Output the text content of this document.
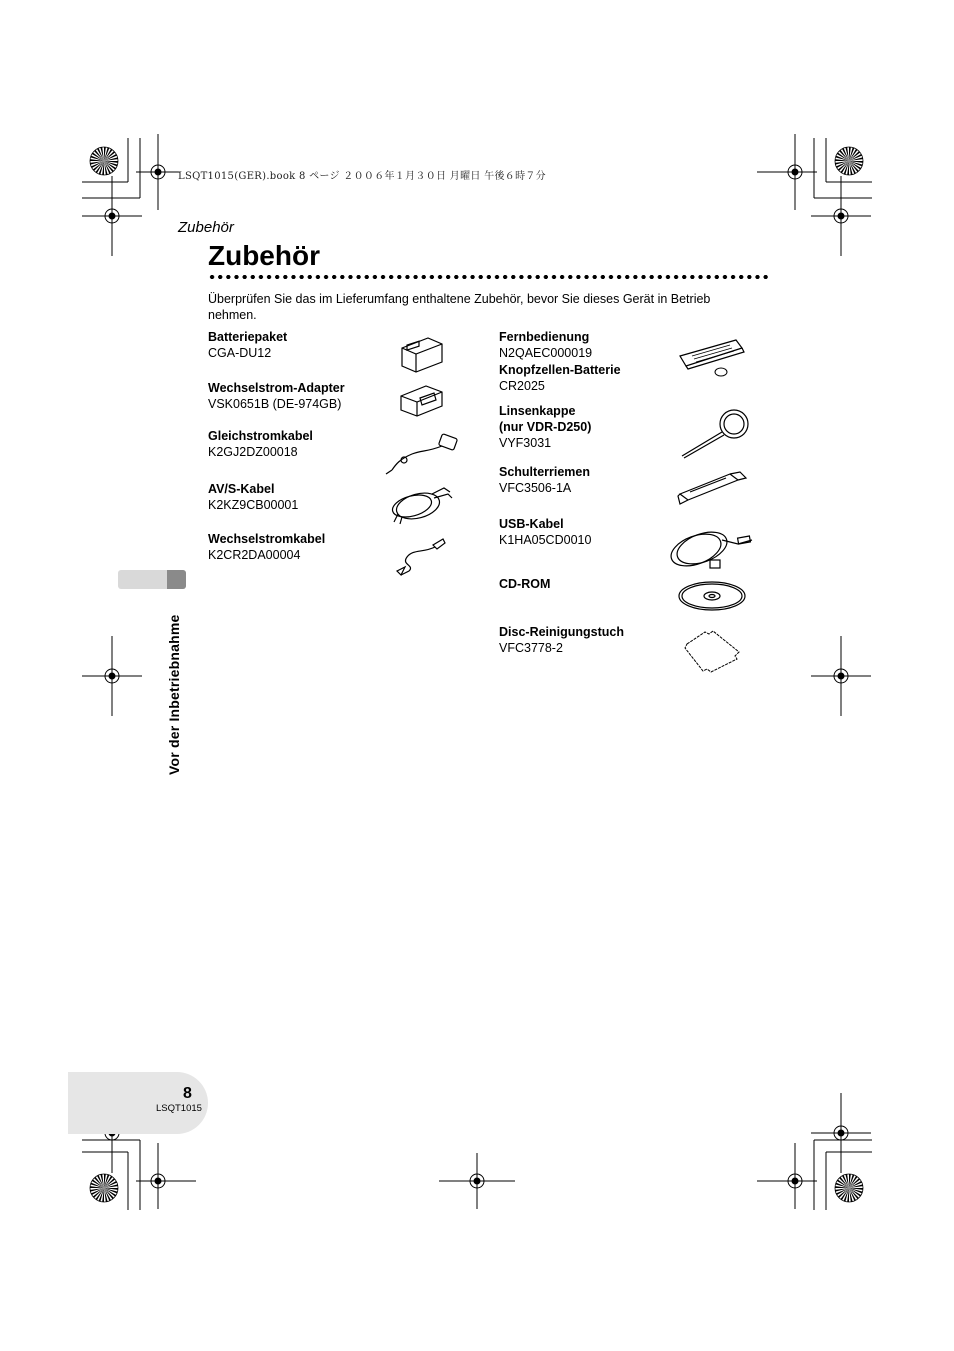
LSQT1015(GER).book 8 ページ ２００６年１月３０日 月曜日 午後６時７分
Zubehör
Zubehör
Überprüfen Sie das im Lieferumfang enthaltene Zubehör, bevor Sie dieses Gerät in Betrieb nehmen.
Batteriepaket
CGA-DU12
Wechselstrom-Adapter
VSK0651B (DE-974GB)
Gleichstromkabel
K2GJ2DZ00018
AV/S-Kabel
K2KZ9CB00001
Wechselstromkabel
K2CR2DA00004
Fernbedienung
N2QAEC000019
Knopfzellen-Batterie
CR2025
Linsenkappe
(nur VDR-D250)
VYF3031
Schulterriemen
VFC3506-1A
USB-Kabel
K1HA05CD0010
CD-ROM
Disc-Reinigungstuch
VFC3778-2
Vor der Inbetriebnahme
8
LSQT1015
